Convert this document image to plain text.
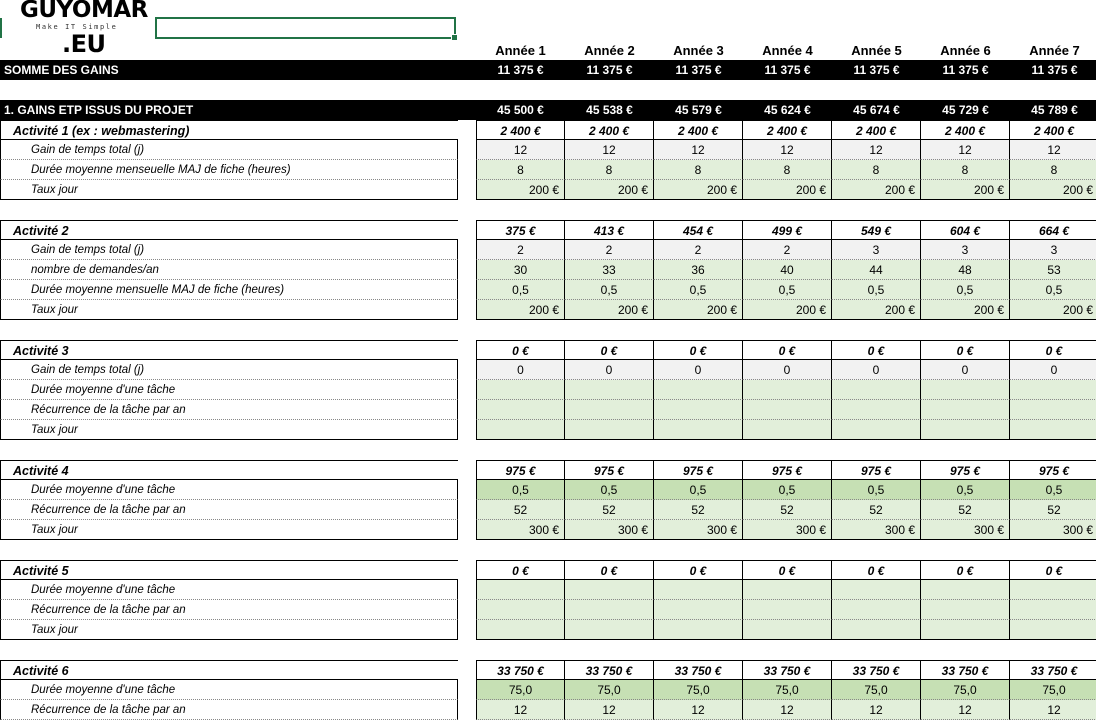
GUYOMAR
Make IT Simple
.EU	Année 1	Année 2	Année 3	Année 4	Année 5	Année 6	Année 7
SOMME DES GAINS	11 375 €	11 375 €	11 375 €	11 375 €	11 375 €	11 375 €	11 375 €
1. GAINS ETP ISSUS DU PROJET	45 500 €	45 538 €	45 579 €	45 624 €	45 674 €	45 729 €	45 789 €
Activité 1 (ex : webmastering)	2 400 €	2 400 €	2 400 €	2 400 €	2 400 €	2 400 €	2 400 €
Gain de temps total (j)	12	12	12	12	12	12	12
Durée moyenne menseuelle MAJ de fiche (heures)	8	8	8	8	8	8	8
Taux jour	200 €	200 €	200 €	200 €	200 €	200 €	200 €
Activité 2	375 €	413 €	454 €	499 €	549 €	604 €	664 €
Gain de temps total (j)	2	2	2	2	3	3	3
nombre de demandes/an	30	33	36	40	44	48	53
Durée moyenne mensuelle MAJ de fiche (heures)	0,5	0,5	0,5	0,5	0,5	0,5	0,5
Taux jour	200 €	200 €	200 €	200 €	200 €	200 €	200 €
Activité 3	0 €	0 €	0 €	0 €	0 €	0 €	0 €
Gain de temps total (j)	0	0	0	0	0	0	0
Durée moyenne d'une tâche
Récurrence de la tâche par an
Taux jour
Activité 4	975 €	975 €	975 €	975 €	975 €	975 €	975 €
Durée moyenne d'une tâche	0,5	0,5	0,5	0,5	0,5	0,5	0,5
Récurrence de la tâche par an	52	52	52	52	52	52	52
Taux jour	300 €	300 €	300 €	300 €	300 €	300 €	300 €
Activité 5	0 €	0 €	0 €	0 €	0 €	0 €	0 €
Durée moyenne d'une tâche
Récurrence de la tâche par an
Taux jour
Activité 6	33 750 €	33 750 €	33 750 €	33 750 €	33 750 €	33 750 €	33 750 €
Durée moyenne d'une tâche	75,0	75,0	75,0	75,0	75,0	75,0	75,0
Récurrence de la tâche par an	12	12	12	12	12	12	12
